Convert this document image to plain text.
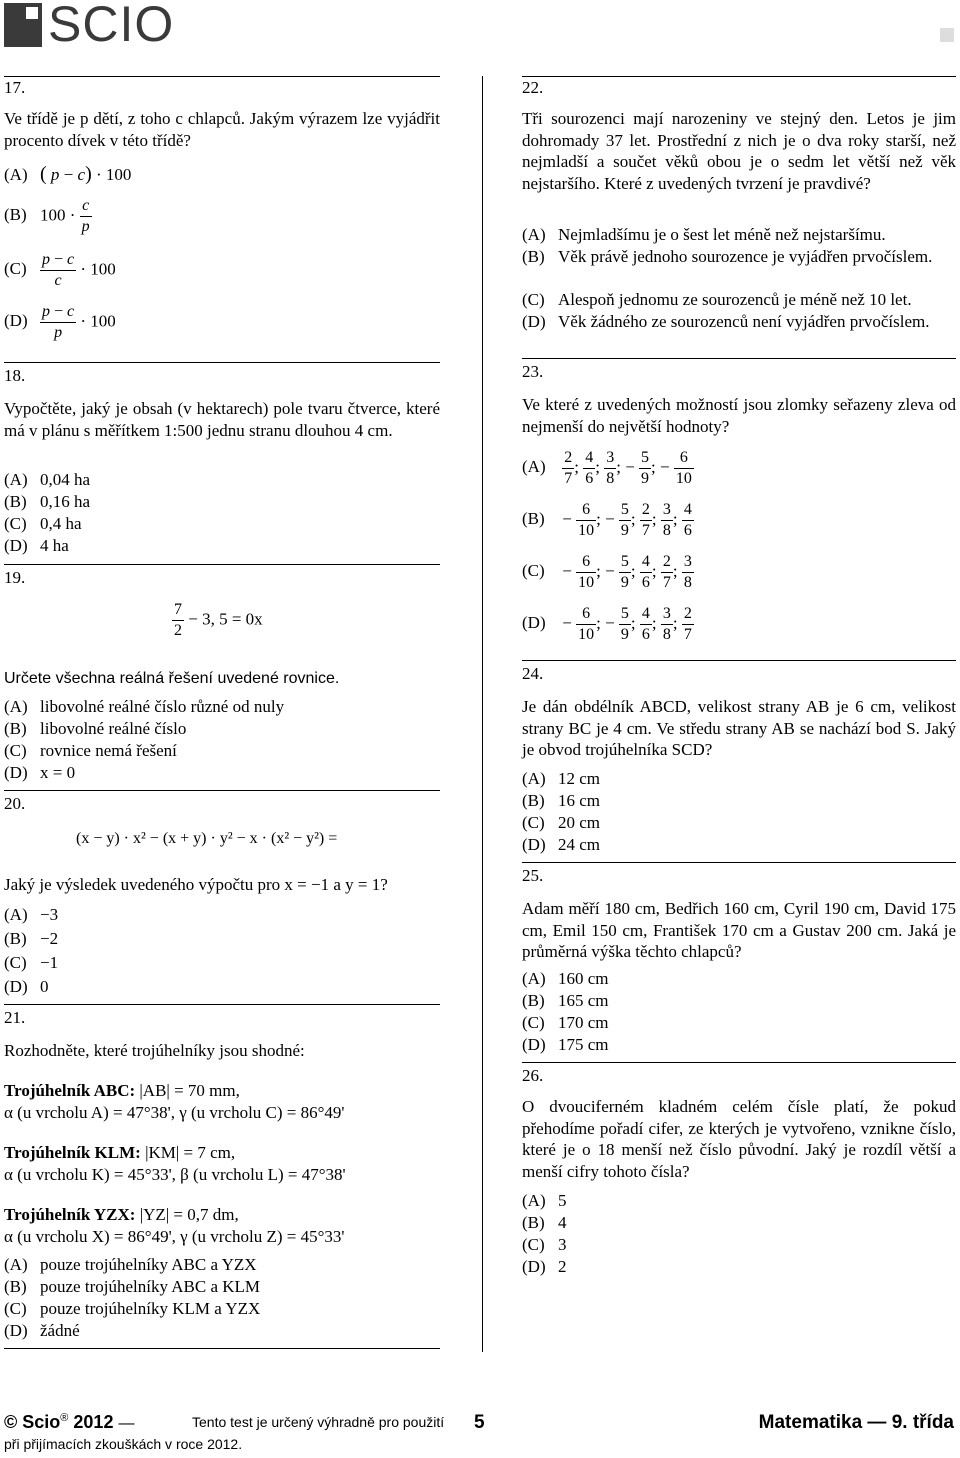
SCIO
17.
Ve třídě je p dětí, z toho c chlapců. Jakým výrazem lze vyjádřit procento dívek v této třídě?
(A) ( p − c) · 100
(B) $100 \cdot \frac{c}{p}$
$(C) \frac{p - c}{c} \cdot 100$
$(D) \frac{p - c}{p} \cdot 100$
18.
Vypočtěte, jaký je obsah (v hektarech) pole tvaru čtverce, které má v plánu s měřítkem 1:500 jednu stranu dlouhou 4 cm.
(A) 0,04 ha
(B) 0,16 ha
(C) 0,4 ha
(D) 4 ha
19.
$\frac{7}{2} - 3$, 5 = 0x
Určete všechna reálná řešení uvedené rovnice.
(A) libovolné reálné číslo různé od nuly
(B) libovolné reálné číslo
(C) rovnice nemá řešení
(D) x = 0
20.
(x − y) · x² − (x + y) · y² − x · (x² − y²) =
Jaký je výsledek uvedeného výpočtu pro x = −1 a y = 1?
(A) −3
(B) −2
(C) −1
(D) 0
21.
Rozhodněte, které trojúhelníky jsou shodné:
Trojúhelník ABC: |AB| = 70 mm,
α (u vrcholu A) = 47°38', γ (u vrcholu C) = 86°49'
Trojúhelník KLM: |KM| = 7 cm,
α (u vrcholu K) = 45°33', β (u vrcholu L) = 47°38'
Trojúhelník YZX: |YZ| = 0,7 dm,
α (u vrcholu X) = 86°49', γ (u vrcholu Z) = 45°33'
(A) pouze trojúhelníky ABC a YZX
(B) pouze trojúhelníky ABC a KLM
(C) pouze trojúhelníky KLM a YZX
(D) žádné
22.
Tři sourozenci mají narozeniny ve stejný den. Letos je jim dohromady 37 let. Prostřední z nich je o dva roky starší, než nejmladší a součet věků obou je o sedm let větší než věk nejstaršího. Které z uvedených tvrzení je pravdivé?
(A) Nejmladšímu je o šest let méně než nejstaršímu.
(B) Věk právě jednoho sourozence je vyjádřen prvočíslem.
(C) Alespoň jednomu ze sourozenců je méně než 10 let.
(D) Věk žádného ze sourozenců není vyjádřen prvočíslem.
23.
Ve které z uvedených možností jsou zlomky seřazeny zleva od nejmenší do největší hodnoty?
$(A) \frac{2}{7}$ ; $\frac{4}{6}$ ; $\frac{3}{8}$ ; − $\frac{5}{9}$ ; − $\frac{6}{10}$
$(B) - \frac{6}{10}$ ; − $\frac{5}{9}$ ; $\frac{2}{7}$ ; $\frac{3}{8}$ ; $\frac{4}{6}$
$(C) - \frac{6}{10}$ ; − $\frac{5}{9}$ ; $\frac{4}{6}$ ; $\frac{2}{7}$ ; $\frac{3}{8}$
$(D) - \frac{6}{10}$ ; − $\frac{5}{9}$ ; $\frac{4}{6}$ ; $\frac{3}{8}$ ; $\frac{2}{7}$
24.
Je dán obdélník ABCD, velikost strany AB je 6 cm, velikost strany BC je 4 cm. Ve středu strany AB se nachází bod S. Jaký je obvod trojúhelníka SCD?
(A) 12 cm
(B) 16 cm
(C) 20 cm
(D) 24 cm
25.
Adam měří 180 cm, Bedřich 160 cm, Cyril 190 cm, David 175 cm, Emil 150 cm, František 170 cm a Gustav 200 cm. Jaká je průměrná výška těchto chlapců?
(A) 160 cm
(B) 165 cm
(C) 170 cm
(D) 175 cm
26.
O dvouciferném kladném celém čísle platí, že pokud přehodíme pořadí cifer, ze kterých je vytvořeno, vznikne číslo, které je o 18 menší než číslo původní. Jaký je rozdíl větší a menší cifry tohoto čísla?
(A) 5
(B) 4
(C) 3
(D) 2
© Scio® 2012 —	Tento test je určený výhradně pro použití
při přijímacích zkouškách v roce 2012.
5	Matematika — 9. třída
